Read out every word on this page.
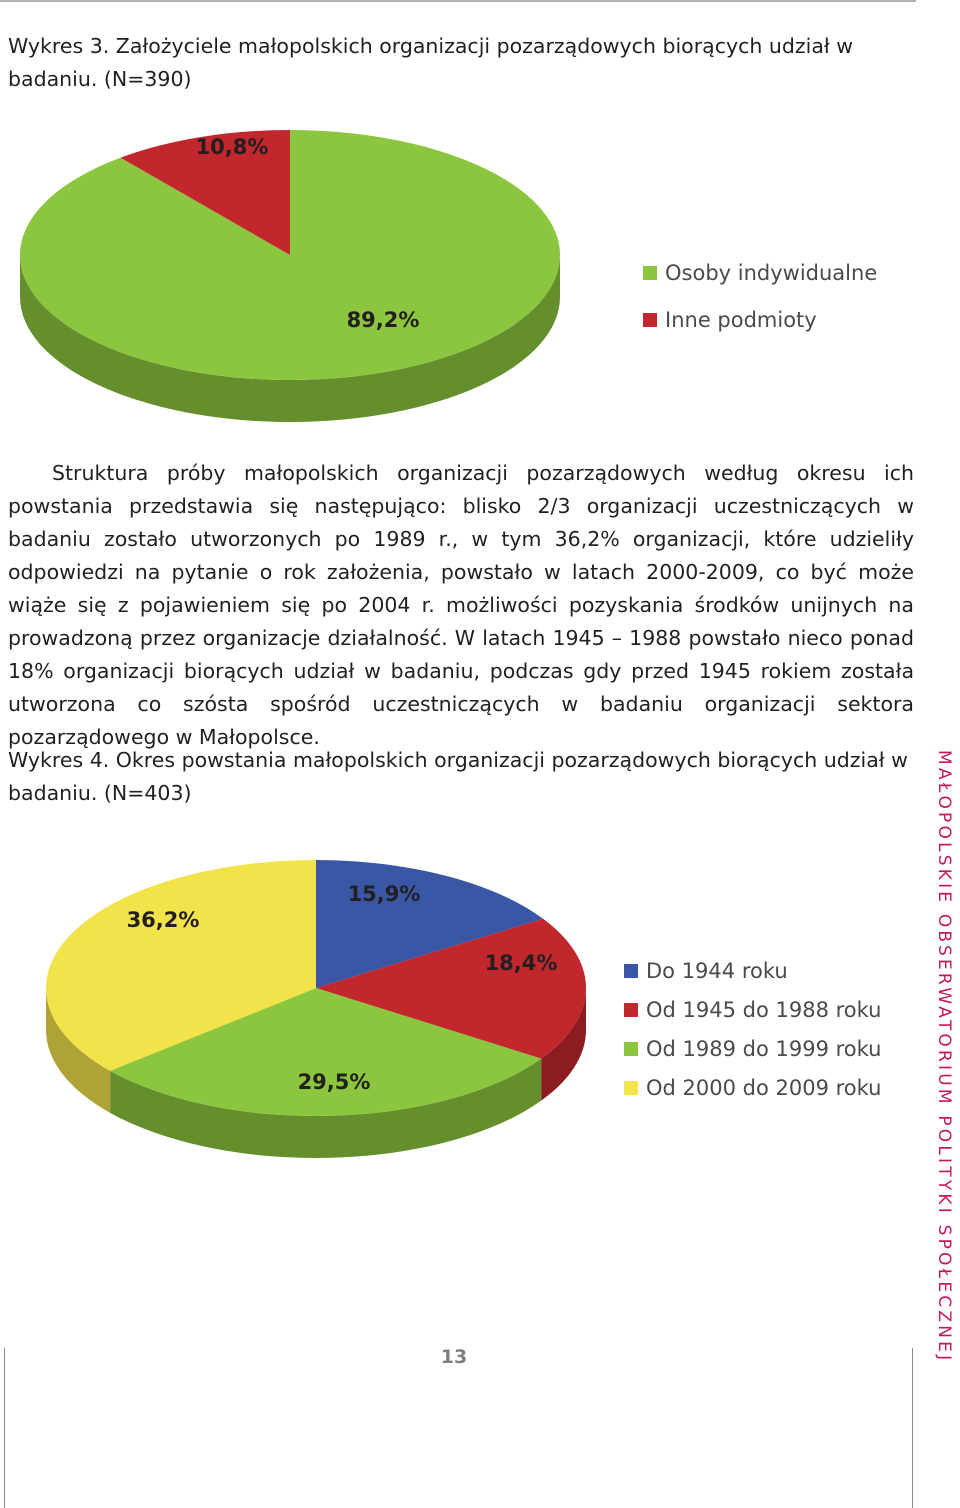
Wykres 3. Założyciele małopolskich organizacji pozarządowych biorących udział w badaniu. (N=390)

89,2%
10,8%
Osoby indywidualne
Inne podmioty

Struktura próby małopolskich organizacji pozarządowych według okresu ich powstania przedstawia się następująco: blisko 2/3 organizacji uczestniczących w badaniu zostało utworzonych po 1989 r., w tym 36,2% organizacji, które udzieliły odpowiedzi na pytanie o rok założenia, powstało w latach 2000-2009, co być może wiąże się z pojawieniem się po 2004 r. możliwości pozyskania środków unijnych na prowadzoną przez organizacje działalność. W latach 1945 – 1988 powstało nieco ponad 18% organizacji biorących udział w badaniu, podczas gdy przed 1945 rokiem została utworzona co szósta spośród uczestniczących w badaniu organizacji sektora pozarządowego w Małopolsce.

Wykres 4. Okres powstania małopolskich organizacji pozarządowych biorących udział w badaniu. (N=403)

15,9%
18,4%
29,5%
36,2%
Do 1944 roku
Od 1945 do 1988 roku
Od 1989 do 1999 roku
Od 2000 do 2009 roku	MAŁOPOLSKIE OBSERWATORIUM POLITYKI SPOŁECZNEJ
13
